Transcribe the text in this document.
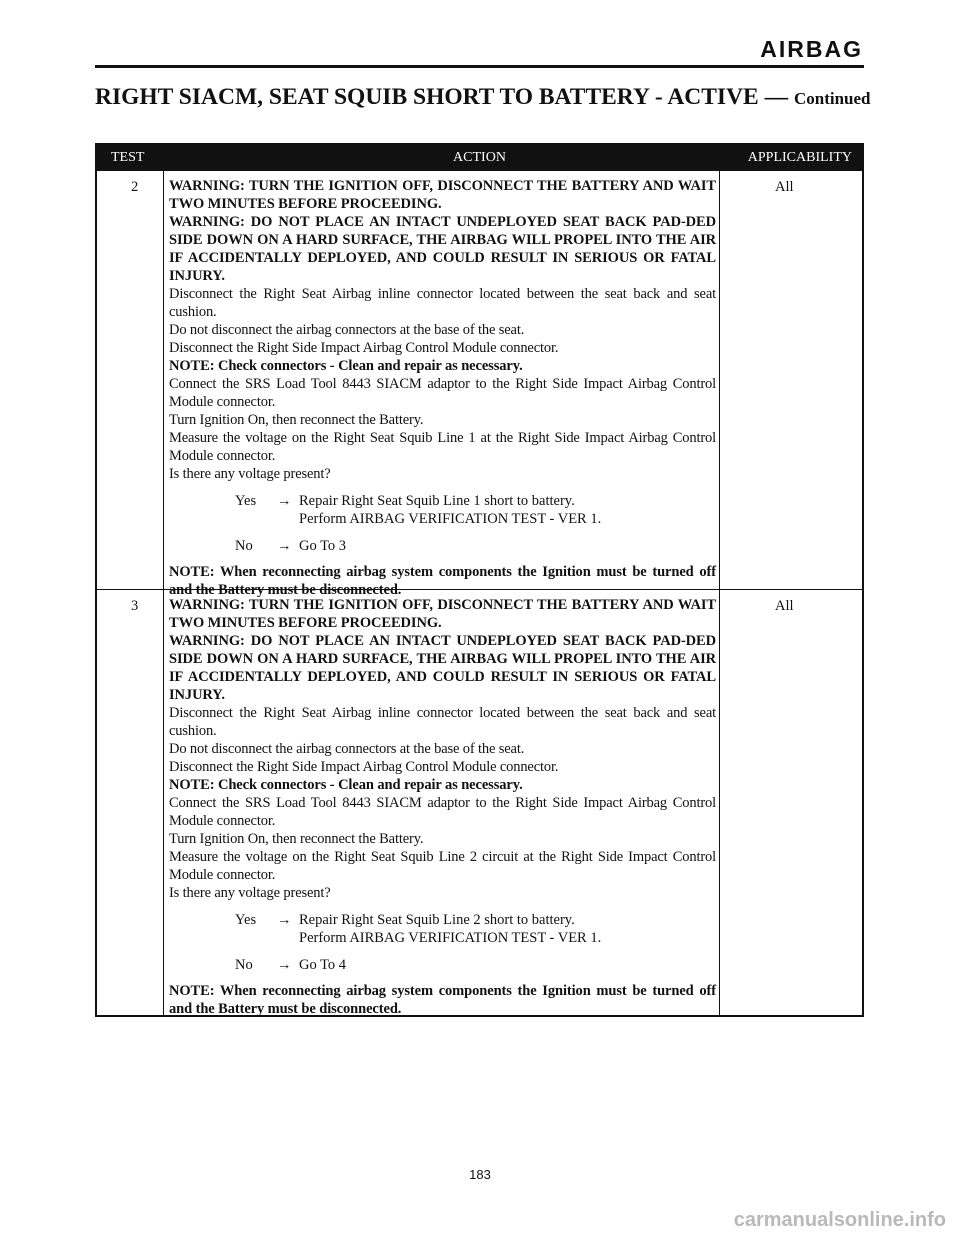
AIRBAG
RIGHT SIACM, SEAT SQUIB SHORT TO BATTERY - ACTIVE — Continued
TEST	ACTION	APPLICABILITY
2 WARNING: TURN THE IGNITION OFF, DISCONNECT THE BATTERY AND WAIT TWO MINUTES BEFORE PROCEEDING.

WARNING: DO NOT PLACE AN INTACT UNDEPLOYED SEAT BACK PAD-DED SIDE DOWN ON A HARD SURFACE, THE AIRBAG WILL PROPEL INTO THE AIR IF ACCIDENTALLY DEPLOYED, AND COULD RESULT IN SERIOUS OR FATAL INJURY.

Disconnect the Right Seat Airbag inline connector located between the seat back and seat cushion.

Do not disconnect the airbag connectors at the base of the seat.

Disconnect the Right Side Impact Airbag Control Module connector.

NOTE: Check connectors - Clean and repair as necessary.

Connect the SRS Load Tool 8443 SIACM adaptor to the Right Side Impact Airbag Control Module connector.

Turn Ignition On, then reconnect the Battery.

Measure the voltage on the Right Seat Squib Line 1 at the Right Side Impact Airbag Control Module connector.

Is there any voltage present?

Yes → Repair Right Seat Squib Line 1 short to battery.
Perform AIRBAG VERIFICATION TEST - VER 1.
No → Go To 3

NOTE: When reconnecting airbag system components the Ignition must be turned off and the Battery must be disconnected.

All
3 WARNING: TURN THE IGNITION OFF, DISCONNECT THE BATTERY AND WAIT TWO MINUTES BEFORE PROCEEDING.

WARNING: DO NOT PLACE AN INTACT UNDEPLOYED SEAT BACK PAD-DED SIDE DOWN ON A HARD SURFACE, THE AIRBAG WILL PROPEL INTO THE AIR IF ACCIDENTALLY DEPLOYED, AND COULD RESULT IN SERIOUS OR FATAL INJURY.

Disconnect the Right Seat Airbag inline connector located between the seat back and seat cushion.

Do not disconnect the airbag connectors at the base of the seat.

Disconnect the Right Side Impact Airbag Control Module connector.

NOTE: Check connectors - Clean and repair as necessary.

Connect the SRS Load Tool 8443 SIACM adaptor to the Right Side Impact Airbag Control Module connector.

Turn Ignition On, then reconnect the Battery.

Measure the voltage on the Right Seat Squib Line 2 circuit at the Right Side Impact Control Module connector.

Is there any voltage present?

Yes → Repair Right Seat Squib Line 2 short to battery.
Perform AIRBAG VERIFICATION TEST - VER 1.
No → Go To 4

NOTE: When reconnecting airbag system components the Ignition must be turned off and the Battery must be disconnected.

All
183
carmanualsonline.info
